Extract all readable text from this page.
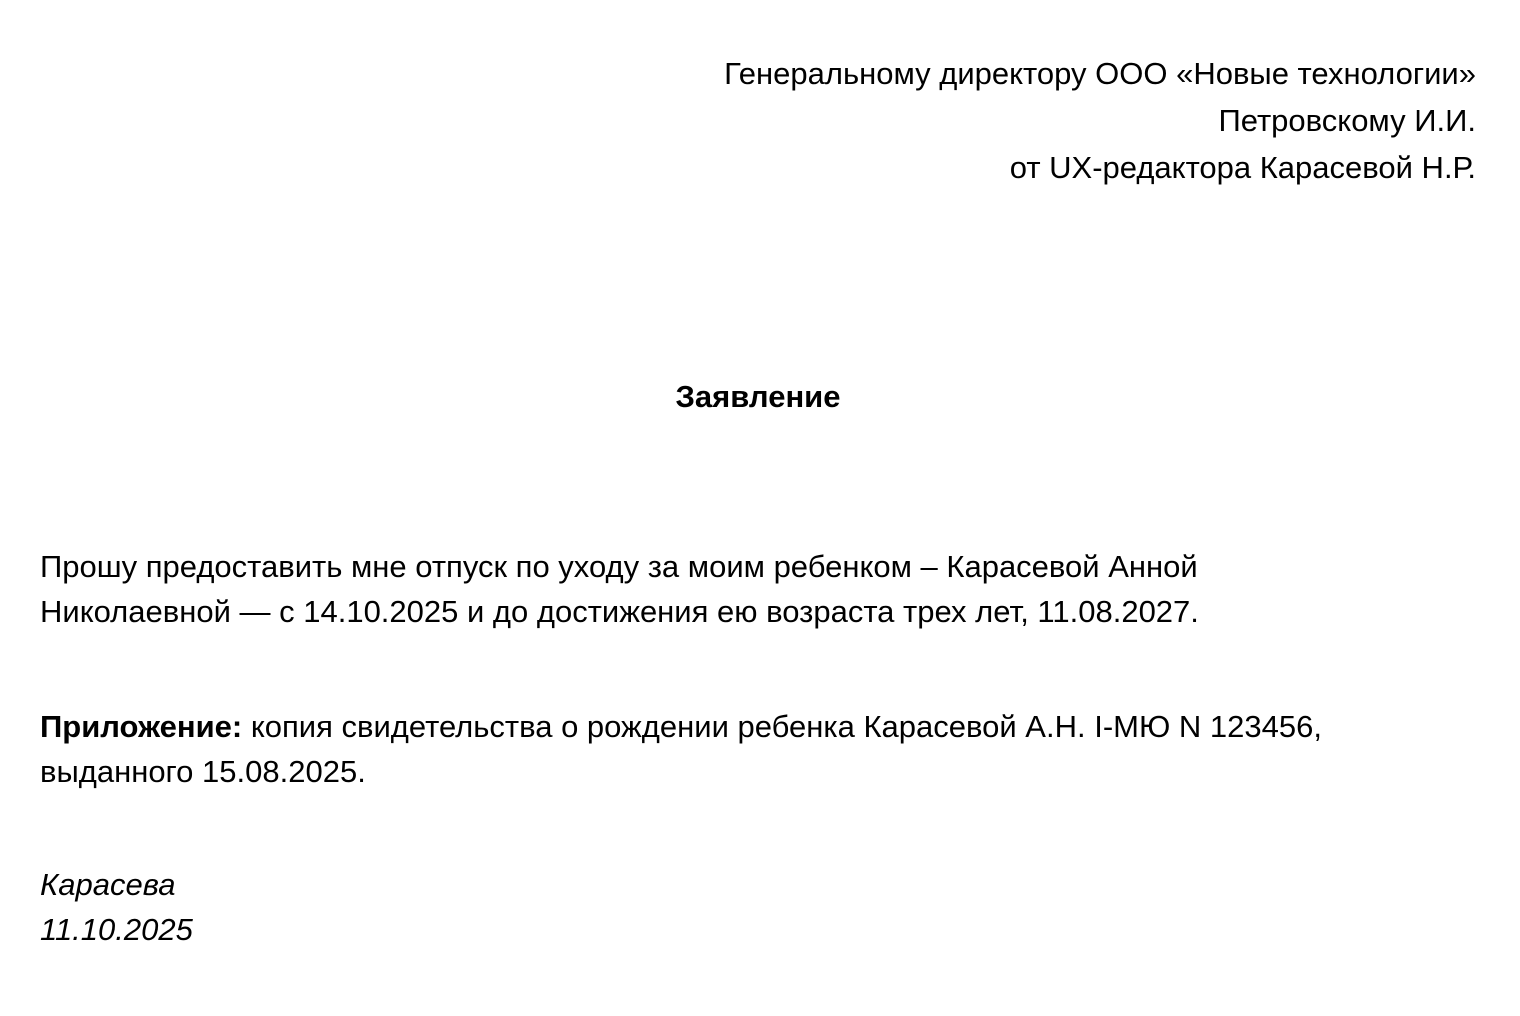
Генеральному директору ООО «Новые технологии»
Петровскому И.И.
от UX-редактора Карасевой Н.Р.
Заявление
Прошу предоставить мне отпуск по уходу за моим ребенком – Карасевой Анной
Николаевной — с 14.10.2025 и до достижения ею возраста трех лет, 11.08.2027.
Приложение: копия свидетельства о рождении ребенка Карасевой А.Н. I-МЮ N 123456,
выданного 15.08.2025.
Карасева
11.10.2025
